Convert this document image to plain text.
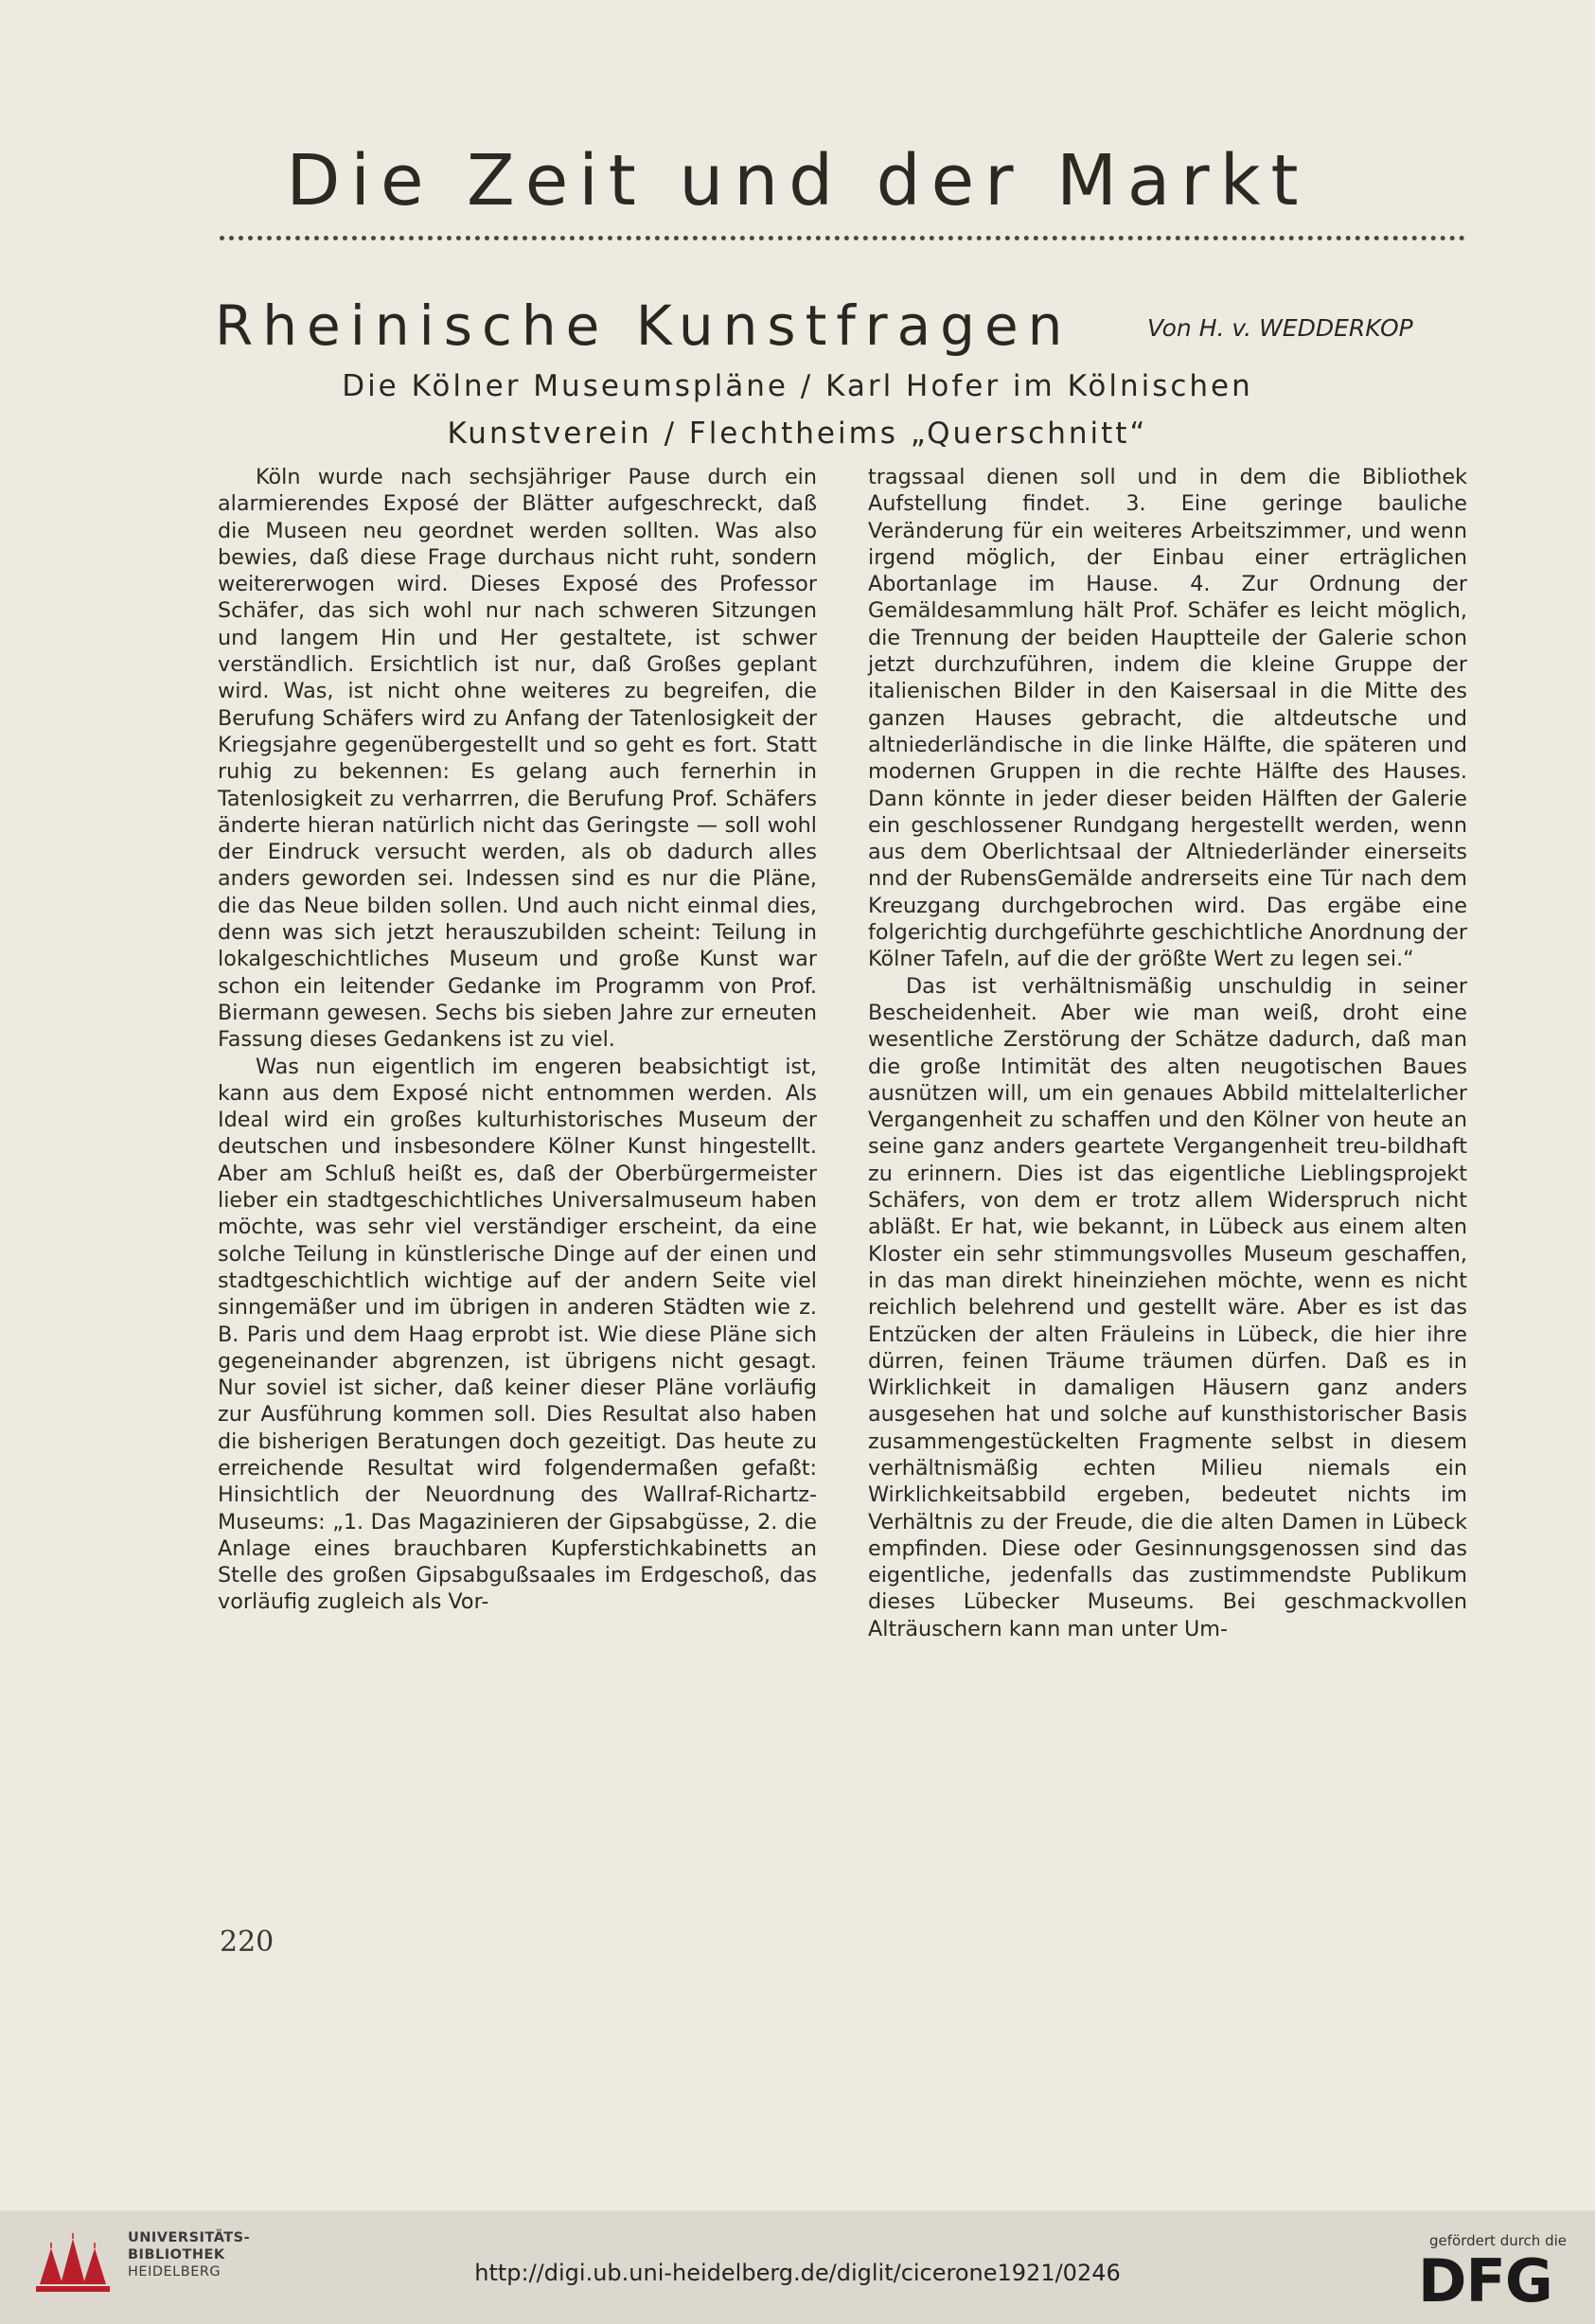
Die Zeit und der Markt
Rheinische Kunstfragen	Von H. v. WEDDERKOP
Die Kölner Museumspläne / Karl Hofer im Kölnischen
Kunstverein / Flechtheims „Querschnitt“

Köln wurde nach sechsjähriger Pause durch ein alarmierendes Exposé der Blätter aufgeschreckt, daß die Museen neu geordnet werden sollten. Was also bewies, daß diese Frage durchaus nicht ruht, sondern weitererwogen wird. Dieses Exposé des Professor Schäfer, das sich wohl nur nach schweren Sitzungen und langem Hin und Her gestaltete, ist schwer verständlich. Ersichtlich ist nur, daß Großes geplant wird. Was, ist nicht ohne weiteres zu begreifen, die Berufung Schäfers wird zu Anfang der Tatenlosigkeit der Kriegsjahre gegenübergestellt und so geht es fort. Statt ruhig zu bekennen: Es gelang auch fernerhin in Tatenlosigkeit zu verharrren, die Berufung Prof. Schäfers änderte hieran natürlich nicht das Geringste — soll wohl der Eindruck versucht werden, als ob dadurch alles anders geworden sei. Indessen sind es nur die Pläne, die das Neue bilden sollen. Und auch nicht einmal dies, denn was sich jetzt herauszubilden scheint: Teilung in lokalgeschichtliches Museum und große Kunst war schon ein leitender Gedanke im Programm von Prof. Biermann gewesen. Sechs bis sieben Jahre zur erneuten Fassung dieses Gedankens ist zu viel.

Was nun eigentlich im engeren beabsichtigt ist, kann aus dem Exposé nicht entnommen werden. Als Ideal wird ein großes kulturhistorisches Museum der deutschen und insbesondere Kölner Kunst hingestellt. Aber am Schluß heißt es, daß der Oberbürgermeister lieber ein stadtgeschichtliches Universalmuseum haben möchte, was sehr viel verständiger erscheint, da eine solche Teilung in künstlerische Dinge auf der einen und stadtgeschichtlich wichtige auf der andern Seite viel sinngemäßer und im übrigen in anderen Städten wie z. B. Paris und dem Haag erprobt ist. Wie diese Pläne sich gegeneinander abgrenzen, ist übrigens nicht gesagt. Nur soviel ist sicher, daß keiner dieser Pläne vorläufig zur Ausführung kommen soll. Dies Resultat also haben die bisherigen Beratungen doch gezeitigt. Das heute zu erreichende Resultat wird folgendermaßen gefaßt: Hinsichtlich der Neuordnung des Wallraf-Richartz-Museums: „1. Das Magazinieren der Gipsabgüsse, 2. die Anlage eines brauchbaren Kupferstichkabinetts an Stelle des großen Gipsabgußsaales im Erdgeschoß, das vorläufig zugleich als Vor-

tragssaal dienen soll und in dem die Bibliothek Aufstellung findet. 3. Eine geringe bauliche Veränderung für ein weiteres Arbeitszimmer, und wenn irgend möglich, der Einbau einer erträglichen Abortanlage im Hause. 4. Zur Ordnung der Gemäldesammlung hält Prof. Schäfer es leicht möglich, die Trennung der beiden Hauptteile der Galerie schon jetzt durchzuführen, indem die kleine Gruppe der italienischen Bilder in den Kaisersaal in die Mitte des ganzen Hauses gebracht, die altdeutsche und altniederländische in die linke Hälfte, die späteren und modernen Gruppen in die rechte Hälfte des Hauses. Dann könnte in jeder dieser beiden Hälften der Galerie ein geschlossener Rundgang hergestellt werden, wenn aus dem Oberlichtsaal der Altniederländer einerseits nnd der RubensGemälde andrerseits eine Tür nach dem Kreuzgang durchgebrochen wird. Das ergäbe eine folgerichtig durchgeführte geschichtliche Anordnung der Kölner Tafeln, auf die der größte Wert zu legen sei.“

Das ist verhältnismäßig unschuldig in seiner Bescheidenheit. Aber wie man weiß, droht eine wesentliche Zerstörung der Schätze dadurch, daß man die große Intimität des alten neugotischen Baues ausnützen will, um ein genaues Abbild mittelalterlicher Vergangenheit zu schaffen und den Kölner von heute an seine ganz anders geartete Vergangenheit treu-bildhaft zu erinnern. Dies ist das eigentliche Lieblingsprojekt Schäfers, von dem er trotz allem Widerspruch nicht abläßt. Er hat, wie bekannt, in Lübeck aus einem alten Kloster ein sehr stimmungsvolles Museum geschaffen, in das man direkt hineinziehen möchte, wenn es nicht reichlich belehrend und gestellt wäre. Aber es ist das Entzücken der alten Fräuleins in Lübeck, die hier ihre dürren, feinen Träume träumen dürfen. Daß es in Wirklichkeit in damaligen Häusern ganz anders ausgesehen hat und solche auf kunsthistorischer Basis zusammengestückelten Fragmente selbst in diesem verhältnismäßig echten Milieu niemals ein Wirklichkeitsabbild ergeben, bedeutet nichts im Verhältnis zu der Freude, die die alten Damen in Lübeck empfinden. Diese oder Gesinnungsgenossen sind das eigentliche, jedenfalls das zustimmendste Publikum dieses Lübecker Museums. Bei geschmackvollen Alträuschern kann man unter Um-

220
UNIVERSITÄTS-
BIBLIOTHEK
HEIDELBERG	http://digi.ub.uni-heidelberg.de/diglit/cicerone1921/0246
gefördert durch die
DFG
